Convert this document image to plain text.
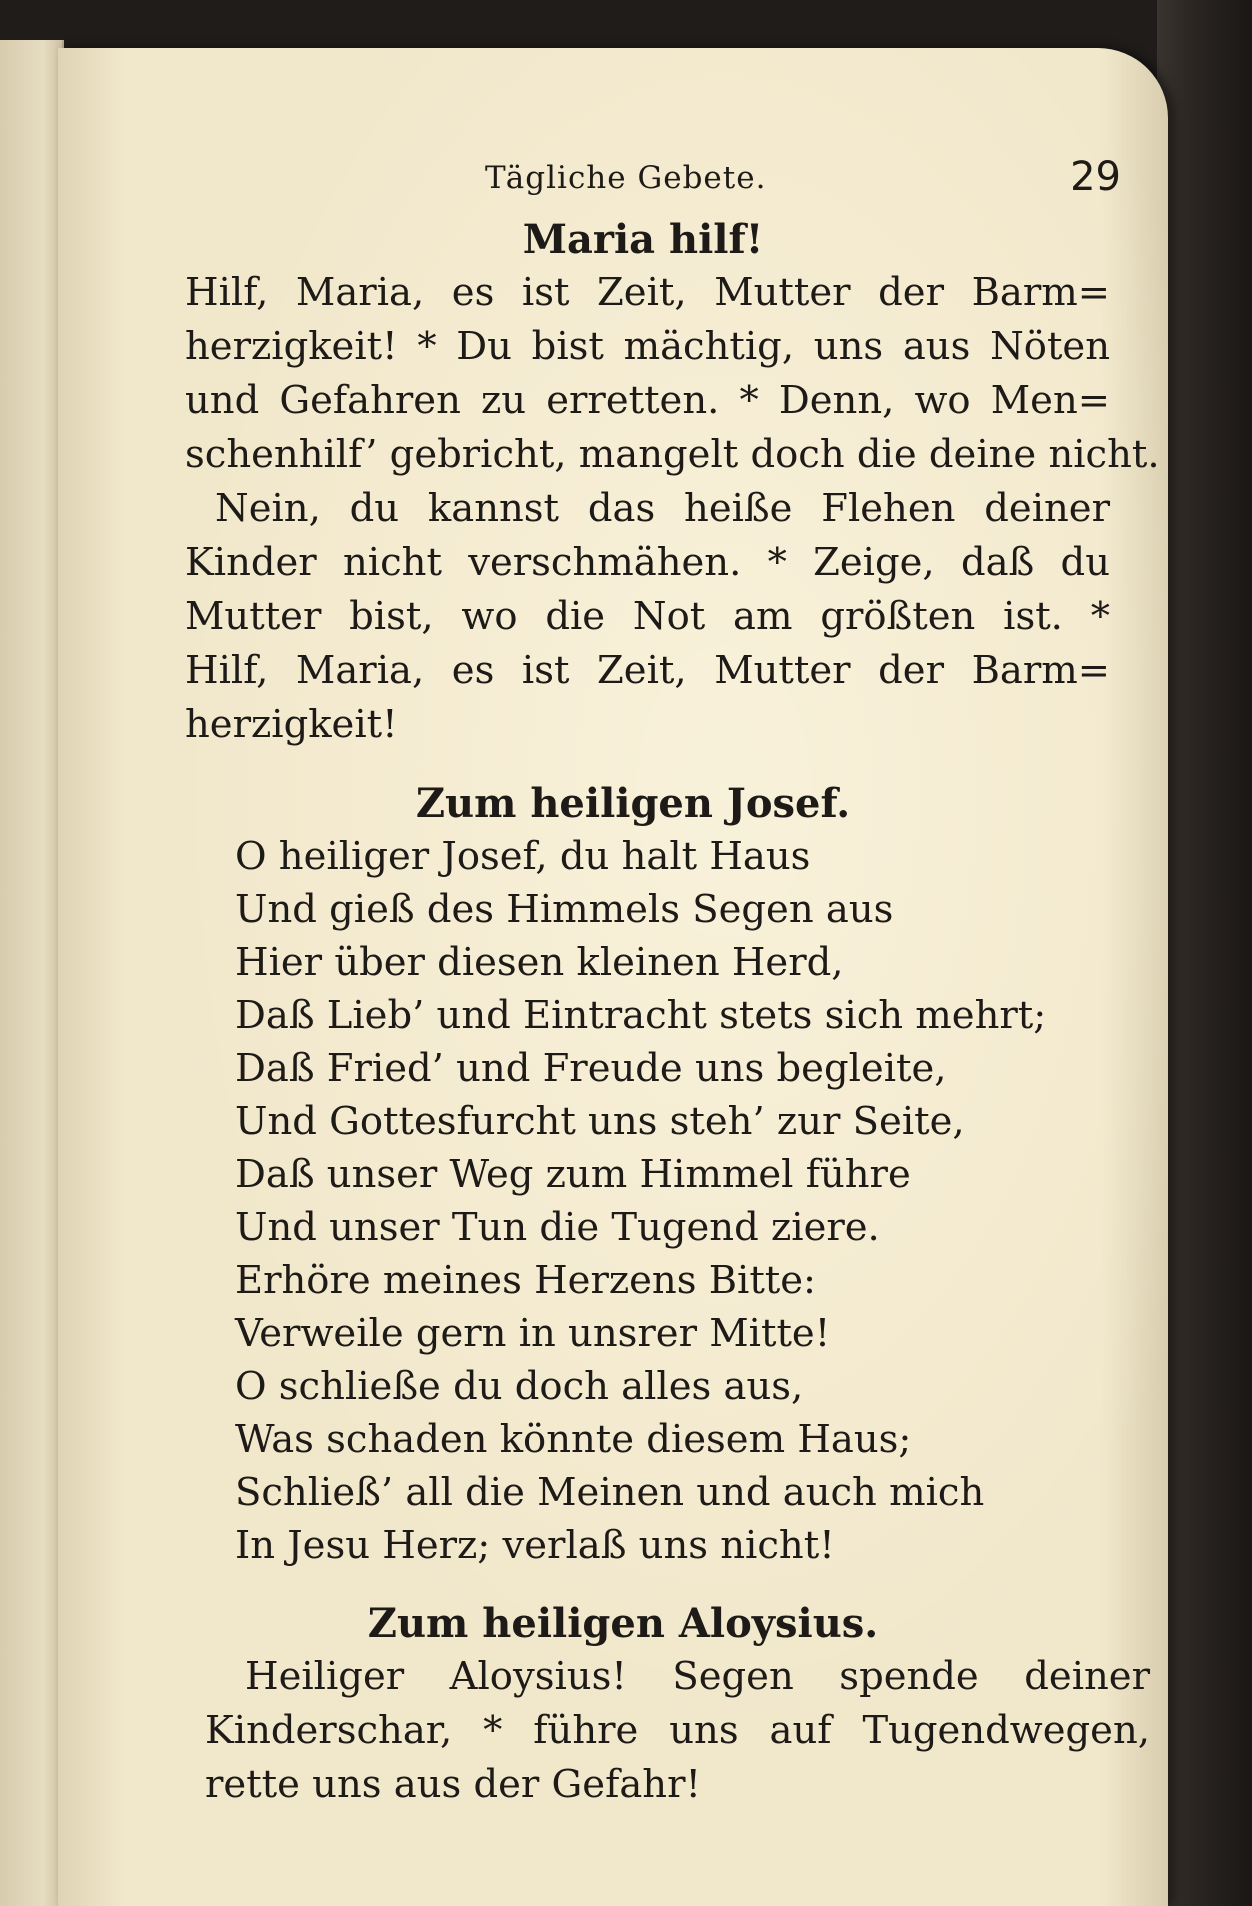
Tägliche Gebete.	29
Maria hilf!
Hilf, Maria, es ist Zeit, Mutter der Barm=
herzigkeit! * Du bist mächtig, uns aus Nöten
und Gefahren zu erretten. * Denn, wo Men=
schenhilf’ gebricht, mangelt doch die deine nicht.
Nein, du kannst das heiße Flehen deiner
Kinder nicht verschmähen. * Zeige, daß du
Mutter bist, wo die Not am größten ist. *
Hilf, Maria, es ist Zeit, Mutter der Barm=
herzigkeit!
Zum heiligen Josef.
O heiliger Josef, du halt Haus
Und gieß des Himmels Segen aus
Hier über diesen kleinen Herd,
Daß Lieb’ und Eintracht stets sich mehrt;
Daß Fried’ und Freude uns begleite,
Und Gottesfurcht uns steh’ zur Seite,
Daß unser Weg zum Himmel führe
Und unser Tun die Tugend ziere.
Erhöre meines Herzens Bitte:
Verweile gern in unsrer Mitte!
O schließe du doch alles aus,
Was schaden könnte diesem Haus;
Schließ’ all die Meinen und auch mich
In Jesu Herz; verlaß uns nicht!
Zum heiligen Aloysius.
Heiliger Aloysius! Segen spende deiner
Kinderschar, * führe uns auf Tugendwegen,
rette uns aus der Gefahr!
